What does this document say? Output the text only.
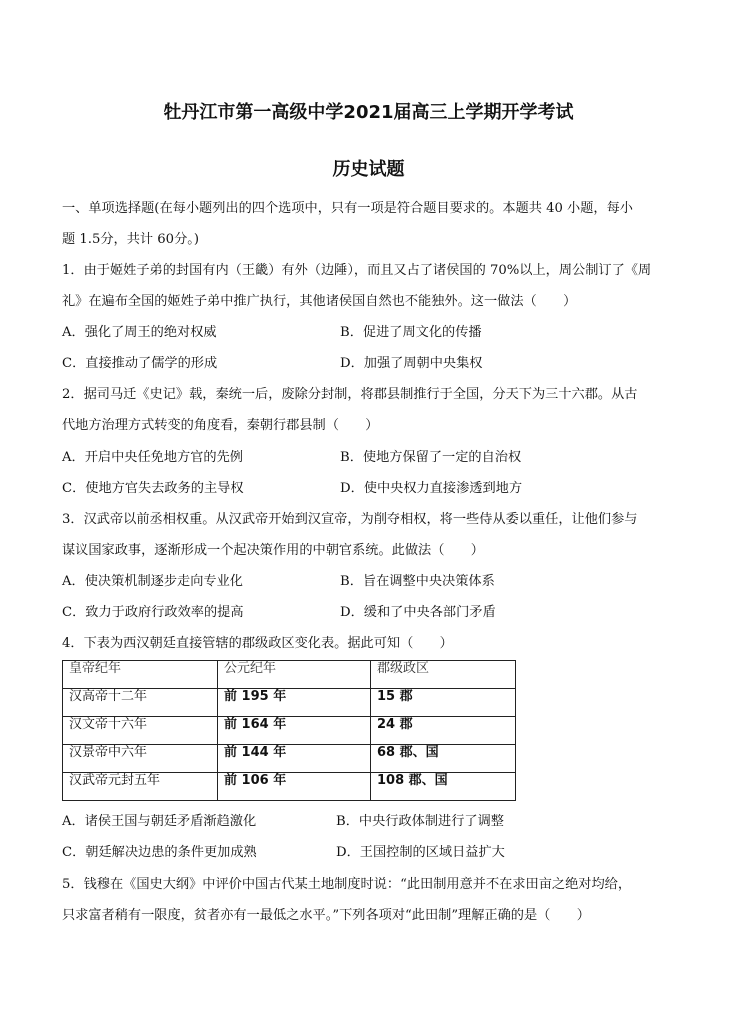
牡丹江市第一高级中学2021届高三上学期开学考试
历史试题
一、单项选择题(在每小题列出的四个选项中，只有一项是符合题目要求的。本题共 40 小题，每小
题 1.5分，共计 60分。)
1．由于姬姓子弟的封国有内（王畿）有外（边陲），而且又占了诸侯国的 70%以上，周公制订了《周
礼》在遍布全国的姬姓子弟中推广执行，其他诸侯国自然也不能独外。这一做法（　　）
A．强化了周王的绝对权威	B．促进了周文化的传播
C．直接推动了儒学的形成	D．加强了周朝中央集权
2．据司马迁《史记》载，秦统一后，废除分封制，将郡县制推行于全国，分天下为三十六郡。从古
代地方治理方式转变的角度看，秦朝行郡县制（　　）
A．开启中央任免地方官的先例	B．使地方保留了一定的自治权
C．使地方官失去政务的主导权	D．使中央权力直接渗透到地方
3．汉武帝以前丞相权重。从汉武帝开始到汉宣帝，为削夺相权，将一些侍从委以重任，让他们参与
谋议国家政事，逐渐形成一个起决策作用的中朝官系统。此做法（　　）
A．使决策机制逐步走向专业化	B．旨在调整中央决策体系
C．致力于政府行政效率的提高	D．缓和了中央各部门矛盾
4．下表为西汉朝廷直接管辖的郡级政区变化表。据此可知（　　）
皇帝纪年	公元纪年	郡级政区
汉高帝十二年	前 195 年	15 郡
汉文帝十六年	前 164 年	24 郡
汉景帝中六年	前 144 年	68 郡、国
汉武帝元封五年	前 106 年	108 郡、国
A．诸侯王国与朝廷矛盾渐趋激化	B．中央行政体制进行了调整
C．朝廷解决边患的条件更加成熟	D．王国控制的区域日益扩大
5．钱穆在《国史大纲》中评价中国古代某土地制度时说：“此田制用意并不在求田亩之绝对均给，
只求富者稍有一限度，贫者亦有一最低之水平。”下列各项对“此田制”理解正确的是（　　）
